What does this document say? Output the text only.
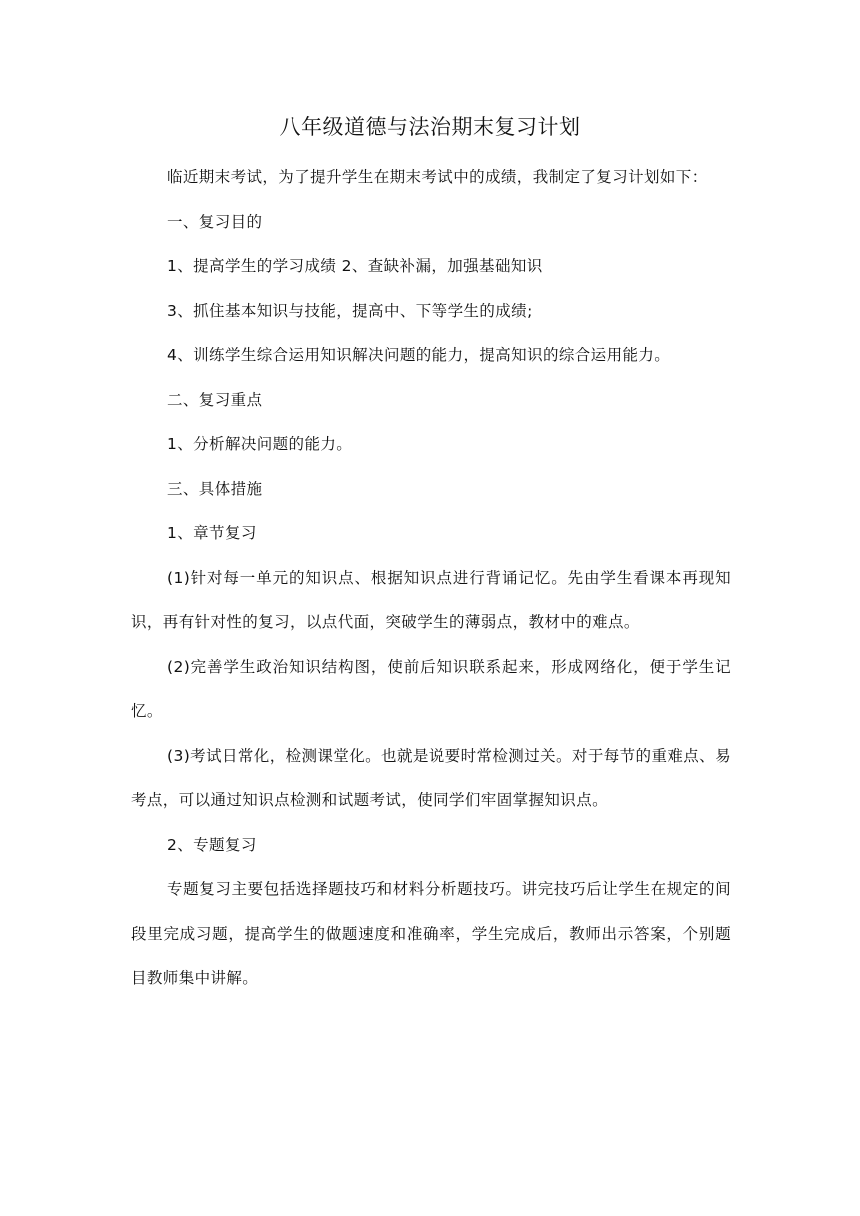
八年级道德与法治期末复习计划

临近期末考试，为了提升学生在期末考试中的成绩，我制定了复习计划如下：

一、复习目的

1、提高学生的学习成绩 2、查缺补漏，加强基础知识

3、抓住基本知识与技能，提高中、下等学生的成绩;

4、训练学生综合运用知识解决问题的能力，提高知识的综合运用能力。

二、复习重点

1、分析解决问题的能力。

三、具体措施

1、章节复习

(1)针对每一单元的知识点、根据知识点进行背诵记忆。先由学生看课本再现知识，再有针对性的复习，以点代面，突破学生的薄弱点，教材中的难点。

(2)完善学生政治知识结构图，使前后知识联系起来，形成网络化，便于学生记忆。

(3)考试日常化，检测课堂化。也就是说要时常检测过关。对于每节的重难点、易考点，可以通过知识点检测和试题考试，使同学们牢固掌握知识点。

2、专题复习

专题复习主要包括选择题技巧和材料分析题技巧。讲完技巧后让学生在规定的间段里完成习题，提高学生的做题速度和准确率，学生完成后，教师出示答案，个别题目教师集中讲解。
